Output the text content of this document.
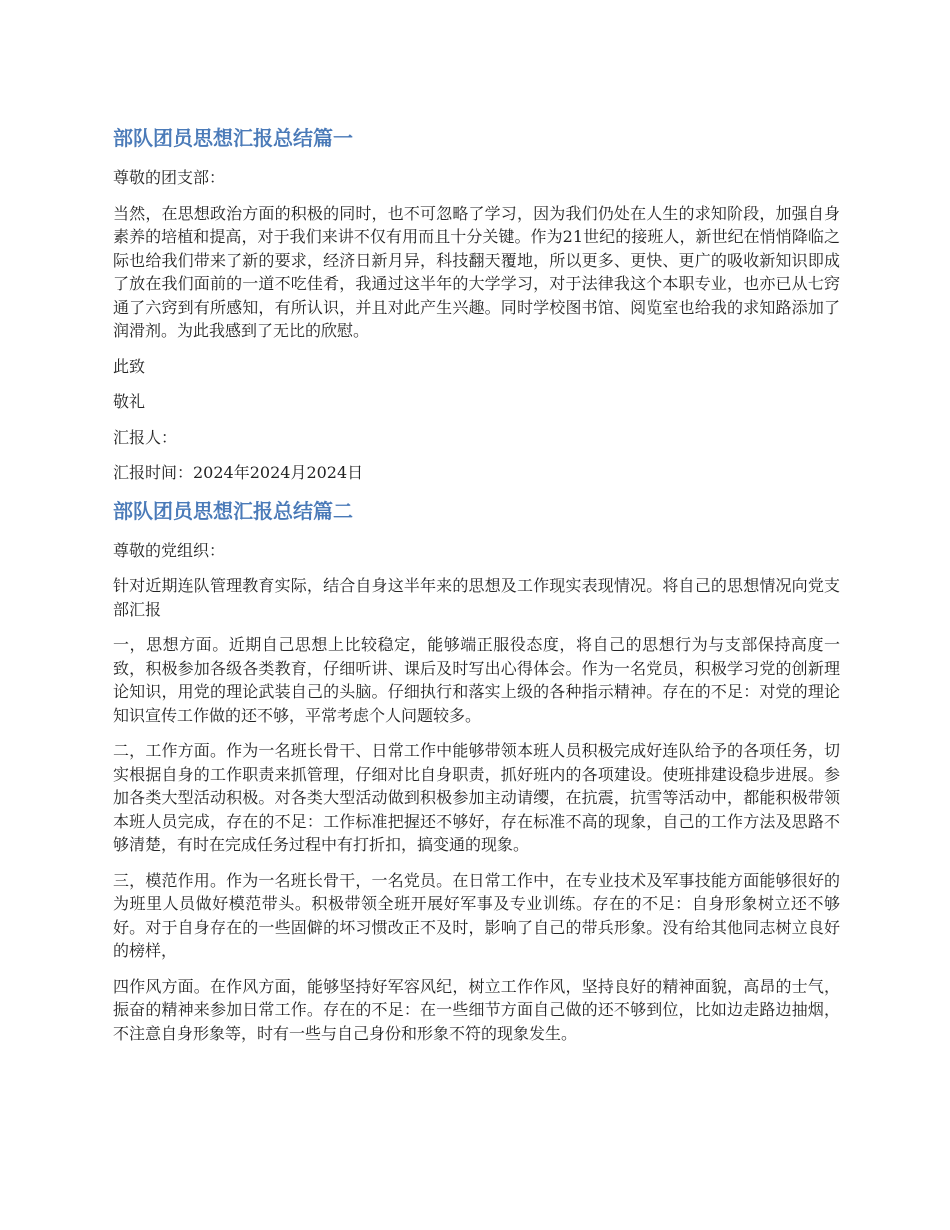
部队团员思想汇报总结篇一

尊敬的团支部：

当然，在思想政治方面的积极的同时，也不可忽略了学习，因为我们仍处在人生的求知阶段，加强自身素养的培植和提高，对于我们来讲不仅有用而且十分关键。作为21世纪的接班人，新世纪在悄悄降临之际也给我们带来了新的要求，经济日新月异，科技翻天覆地，所以更多、更快、更广的吸收新知识即成了放在我们面前的一道不吃佳肴，我通过这半年的大学学习，对于法律我这个本职专业，也亦已从七窍通了六窍到有所感知，有所认识，并且对此产生兴趣。同时学校图书馆、阅览室也给我的求知路添加了润滑剂。为此我感到了无比的欣慰。

此致

敬礼

汇报人：

汇报时间：2024年2024月2024日

部队团员思想汇报总结篇二

尊敬的党组织：

针对近期连队管理教育实际，结合自身这半年来的思想及工作现实表现情况。将自己的思想情况向党支部汇报

一，思想方面。近期自己思想上比较稳定，能够端正服役态度，将自己的思想行为与支部保持高度一致，积极参加各级各类教育，仔细听讲、课后及时写出心得体会。作为一名党员，积极学习党的创新理论知识，用党的理论武装自己的头脑。仔细执行和落实上级的各种指示精神。存在的不足：对党的理论知识宣传工作做的还不够，平常考虑个人问题较多。

二，工作方面。作为一名班长骨干、日常工作中能够带领本班人员积极完成好连队给予的各项任务，切实根据自身的工作职责来抓管理，仔细对比自身职责，抓好班内的各项建设。使班排建设稳步进展。参加各类大型活动积极。对各类大型活动做到积极参加主动请缨，在抗震，抗雪等活动中，都能积极带领本班人员完成，存在的不足：工作标准把握还不够好，存在标准不高的现象，自己的工作方法及思路不够清楚，有时在完成任务过程中有打折扣，搞变通的现象。

三，模范作用。作为一名班长骨干，一名党员。在日常工作中，在专业技术及军事技能方面能够很好的为班里人员做好模范带头。积极带领全班开展好军事及专业训练。存在的不足：自身形象树立还不够好。对于自身存在的一些固僻的坏习惯改正不及时，影响了自己的带兵形象。没有给其他同志树立良好的榜样，

四作风方面。在作风方面，能够坚持好军容风纪，树立工作作风，坚持良好的精神面貌，高昂的士气，振奋的精神来参加日常工作。存在的不足：在一些细节方面自己做的还不够到位，比如边走路边抽烟，不注意自身形象等，时有一些与自己身份和形象不符的现象发生。
